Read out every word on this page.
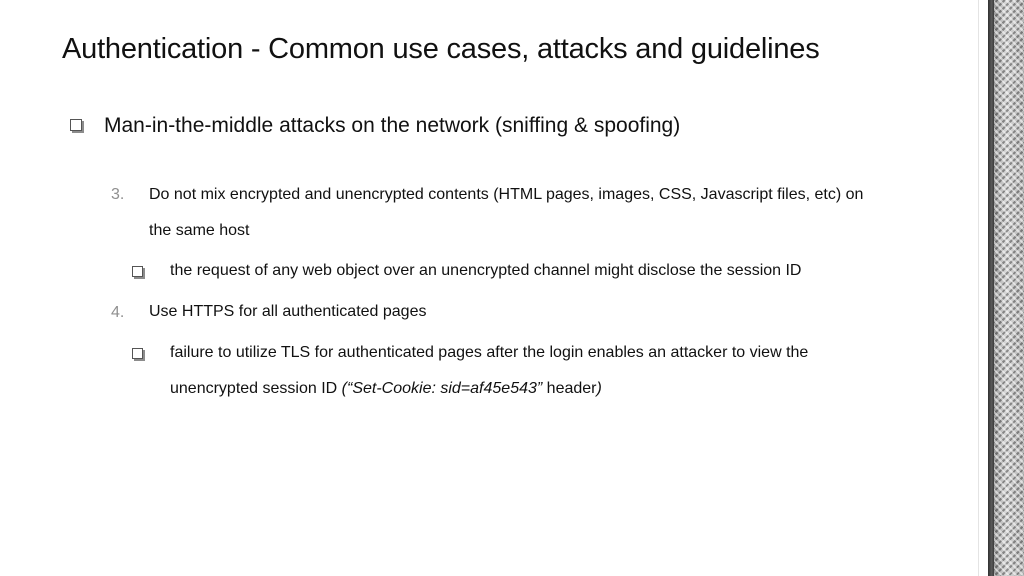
Authentication - Common use cases, attacks and guidelines
Man-in-the-middle attacks on the network (sniffing & spoofing)
3. Do not mix encrypted and unencrypted contents (HTML pages, images, CSS, Javascript files, etc) on
the same host
the request of any web object over an unencrypted channel might disclose the session ID
4. Use HTTPS for all authenticated pages
failure to utilize TLS for authenticated pages after the login enables an attacker to view the
unencrypted session ID (“Set-Cookie: sid=af45e543” header)
